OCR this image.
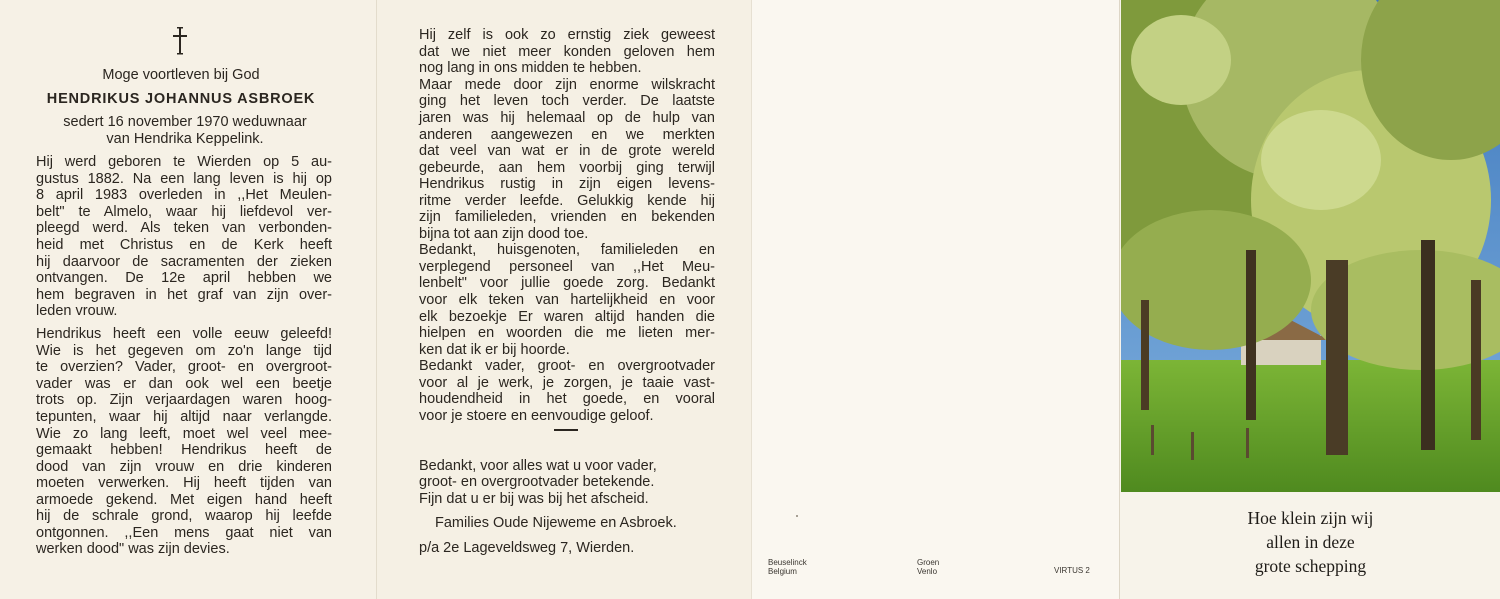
Moge voortleven bij God
HENDRIKUS JOHANNUS ASBROEK
sedert 16 november 1970 weduwnaar
van Hendrika Keppelink.
Hij werd geboren te Wierden op 5 au-
gustus 1882. Na een lang leven is hij op
8 april 1983 overleden in ,,Het Meulen-
belt" te Almelo, waar hij liefdevol ver-
pleegd werd. Als teken van verbonden-
heid met Christus en de Kerk heeft
hij daarvoor de sacramenten der zieken
ontvangen. De 12e april hebben we
hem begraven in het graf van zijn over-
leden vrouw.
Hendrikus heeft een volle eeuw geleefd!
Wie is het gegeven om zo'n lange tijd
te overzien? Vader, groot- en overgroot-
vader was er dan ook wel een beetje
trots op. Zijn verjaardagen waren hoog-
tepunten, waar hij altijd naar verlangde.
Wie zo lang leeft, moet wel veel mee-
gemaakt hebben! Hendrikus heeft de
dood van zijn vrouw en drie kinderen
moeten verwerken. Hij heeft tijden van
armoede gekend. Met eigen hand heeft
hij de schrale grond, waarop hij leefde
ontgonnen. ,,Een mens gaat niet van
werken dood" was zijn devies.
Hij zelf is ook zo ernstig ziek geweest
dat we niet meer konden geloven hem
nog lang in ons midden te hebben.
Maar mede door zijn enorme wilskracht
ging het leven toch verder. De laatste
jaren was hij helemaal op de hulp van
anderen aangewezen en we merkten
dat veel van wat er in de grote wereld
gebeurde, aan hem voorbij ging terwijl
Hendrikus rustig in zijn eigen levens-
ritme verder leefde. Gelukkig kende hij
zijn familieleden, vrienden en bekenden
bijna tot aan zijn dood toe.
Bedankt, huisgenoten, familieleden en
verplegend personeel van ,,Het Meu-
lenbelt" voor jullie goede zorg. Bedankt
voor elk teken van hartelijkheid en voor
elk bezoekje Er waren altijd handen die
hielpen en woorden die me lieten mer-
ken dat ik er bij hoorde.
Bedankt vader, groot- en overgrootvader
voor al je werk, je zorgen, je taaie vast-
houdendheid in het goede, en vooral
voor je stoere en eenvoudige geloof.
Bedankt, voor alles wat u voor vader,
groot- en overgrootvader betekende.
Fijn dat u er bij was bij het afscheid.
Families Oude Nijeweme en Asbroek.
p/a 2e Lageveldsweg 7, Wierden.
Beuselinck
Belgium
Groen
Venlo	VIRTUS 2
Hoe klein zijn wij
allen in deze
grote schepping
